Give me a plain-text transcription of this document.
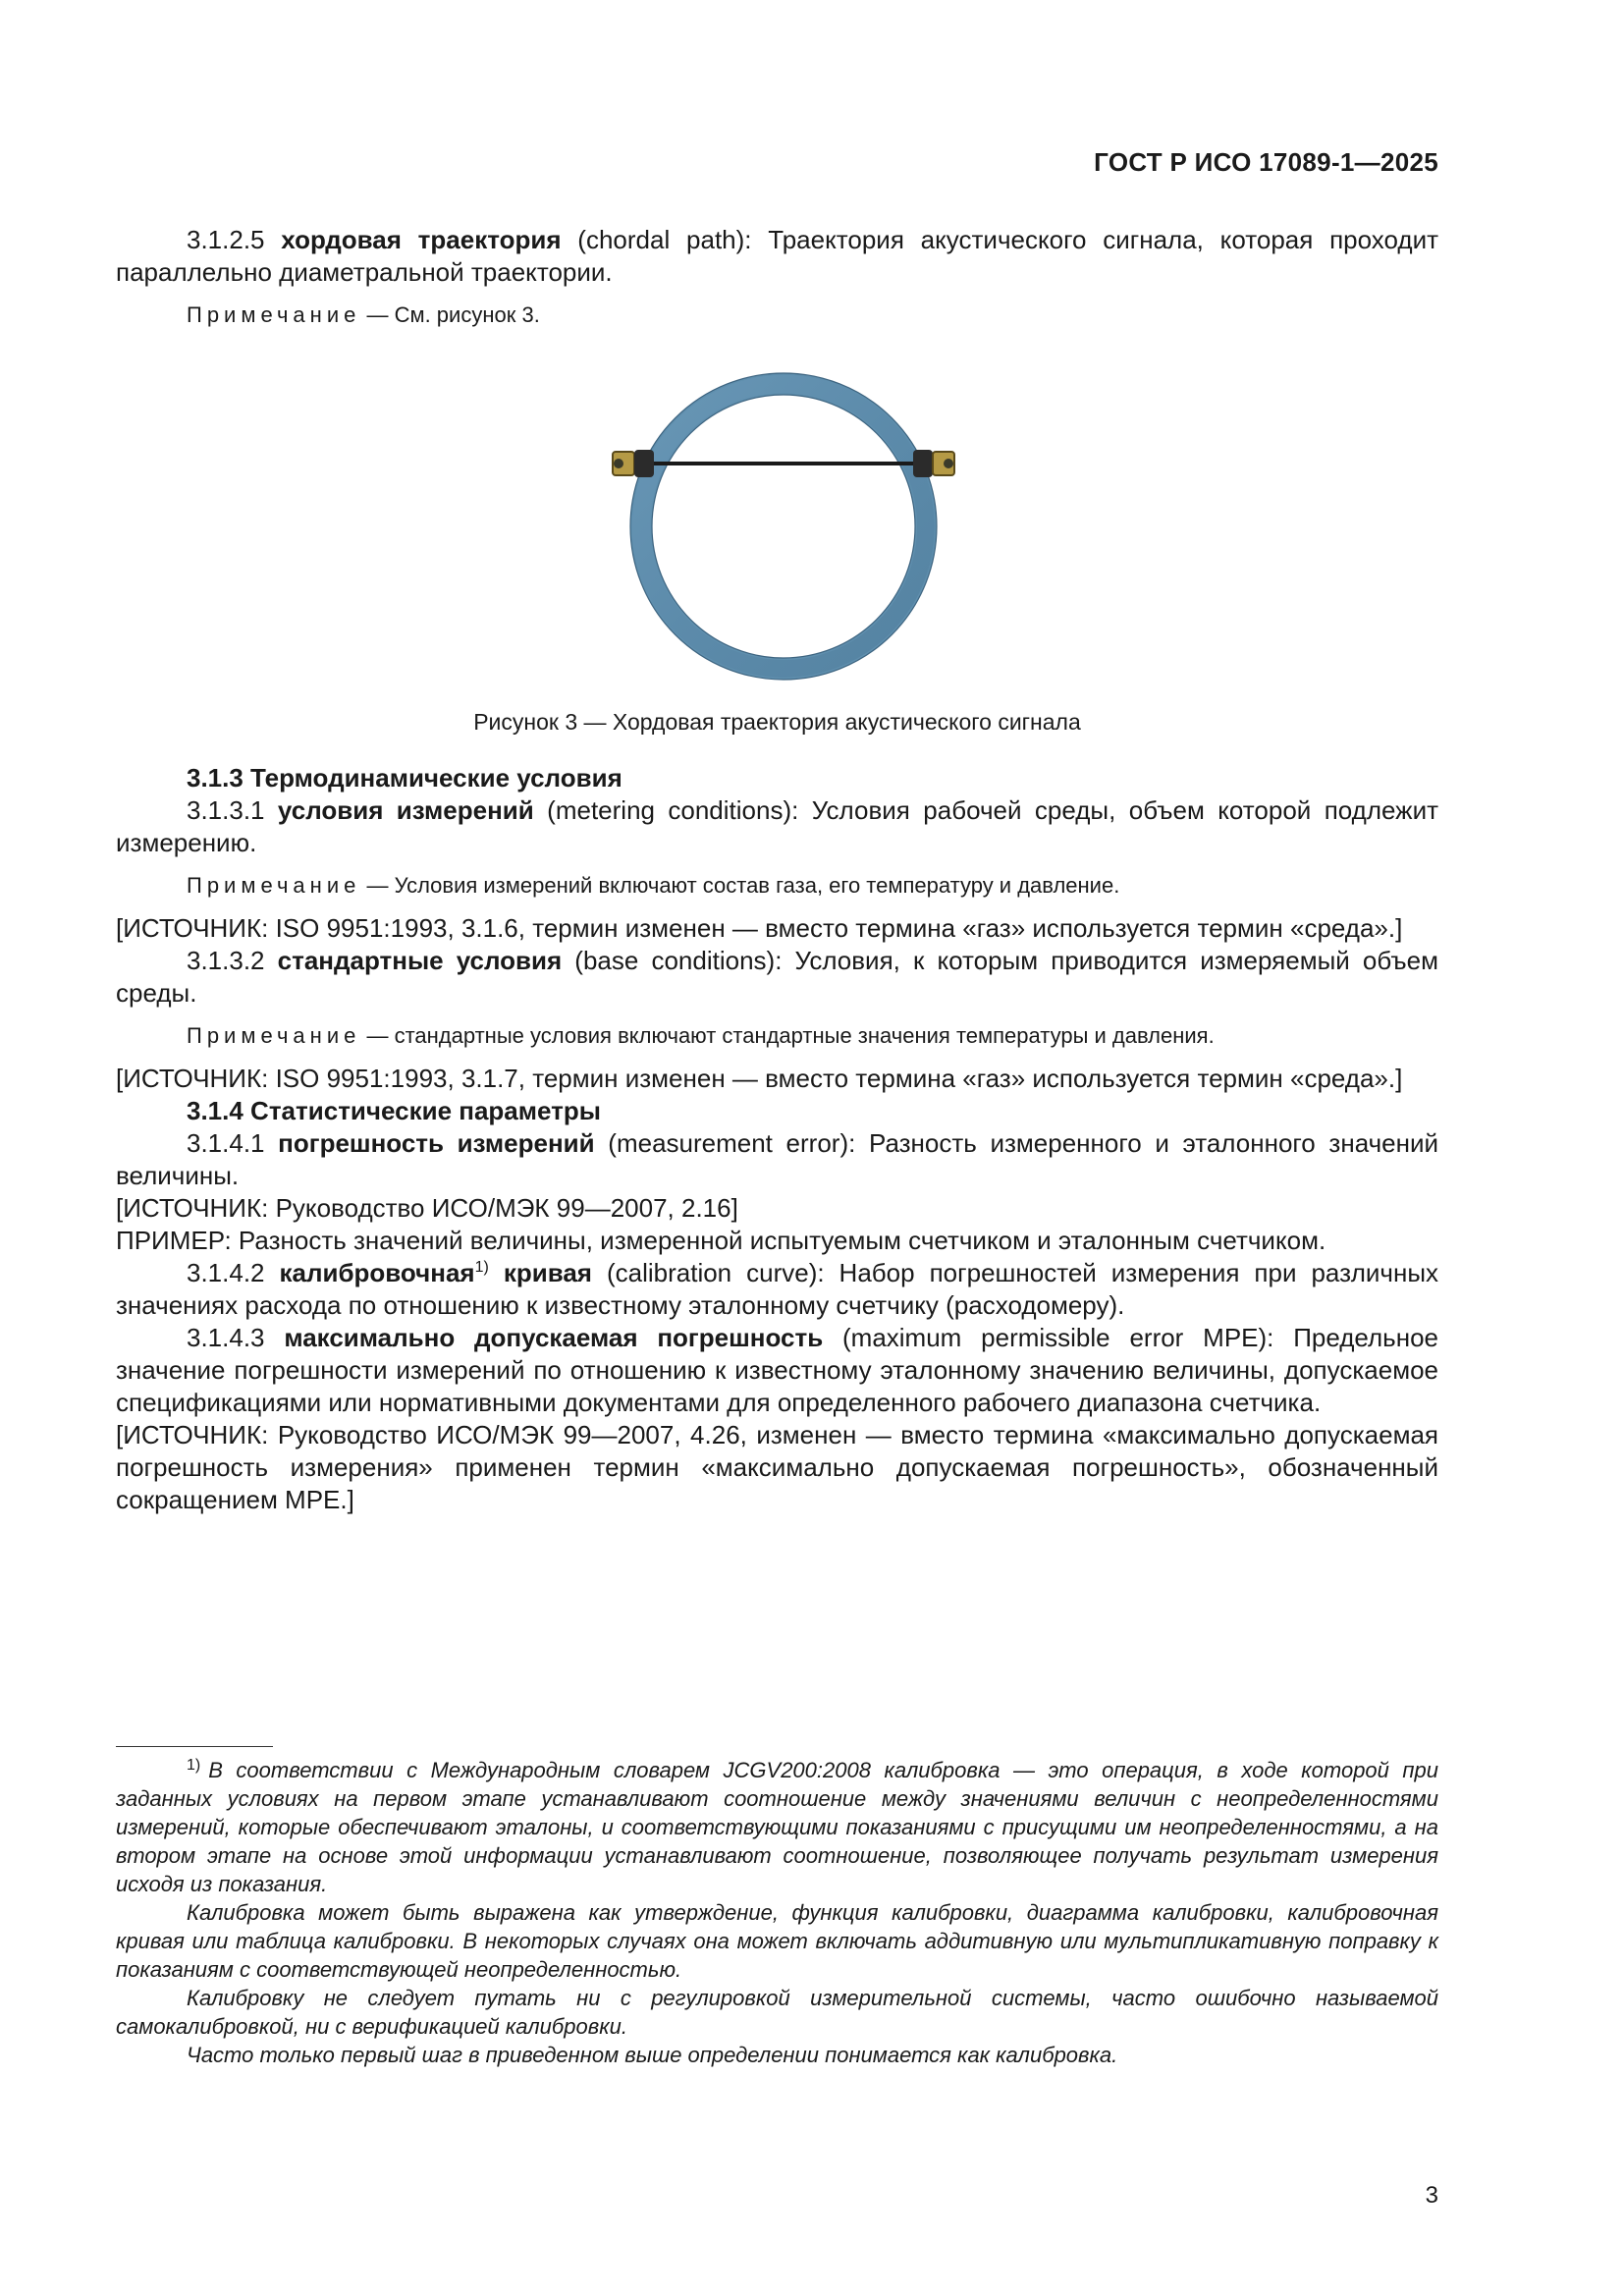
ГОСТ Р ИСО 17089-1—2025

3.1.2.5 хордовая траектория (chordal path): Траектория акустического сигнала, которая проходит параллельно диаметральной траектории.

Примечание — См. рисунок 3.

Рисунок 3 — Хордовая траектория акустического сигнала

3.1.3 Термодинамические условия

3.1.3.1 условия измерений (metering conditions): Условия рабочей среды, объем которой подлежит измерению.

Примечание — Условия измерений включают состав газа, его температуру и давление.

[ИСТОЧНИК: ISO 9951:1993, 3.1.6, термин изменен — вместо термина «газ» используется термин «среда».]

3.1.3.2 стандартные условия (base conditions): Условия, к которым приводится измеряемый объем среды.

Примечание — стандартные условия включают стандартные значения температуры и давления.

[ИСТОЧНИК: ISO 9951:1993, 3.1.7, термин изменен — вместо термина «газ» используется термин «среда».]

3.1.4 Статистические параметры

3.1.4.1 погрешность измерений (measurement error): Разность измеренного и эталонного значений величины.

[ИСТОЧНИК: Руководство ИСО/МЭК 99—2007, 2.16]

ПРИМЕР: Разность значений величины, измеренной испытуемым счетчиком и эталонным счетчиком.

3.1.4.2 калибровочная$^{1)}$ кривая (calibration curve): Набор погрешностей измерения при различных значениях расхода по отношению к известному эталонному счетчику (расходомеру).

3.1.4.3 максимально допускаемая погрешность (maximum permissible error MPE): Предельное значение погрешности измерений по отношению к известному эталонному значению величины, допускаемое спецификациями или нормативными документами для определенного рабочего диапазона счетчика.

[ИСТОЧНИК: Руководство ИСО/МЭК 99—2007, 4.26, изменен — вместо термина «максимально допускаемая погрешность измерения» применен термин «максимально допускаемая погрешность», обозначенный сокращением MPE.]

$^{1)}$ В соответствии с Международным словарем JCGV200:2008 калибровка — это операция, в ходе которой при заданных условиях на первом этапе устанавливают соотношение между значениями величин с неопределенностями измерений, которые обеспечивают эталоны, и соответствующими показаниями с присущими им неопределенностями, а на втором этапе на основе этой информации устанавливают соотношение, позволяющее получать результат измерения исходя из показания.

Калибровка может быть выражена как утверждение, функция калибровки, диаграмма калибровки, калибровочная кривая или таблица калибровки. В некоторых случаях она может включать аддитивную или мультипликативную поправку к показаниям с соответствующей неопределенностью.

Калибровку не следует путать ни с регулировкой измерительной системы, часто ошибочно называемой самокалибровкой, ни с верификацией калибровки.

Часто только первый шаг в приведенном выше определении понимается как калибровка.

3
